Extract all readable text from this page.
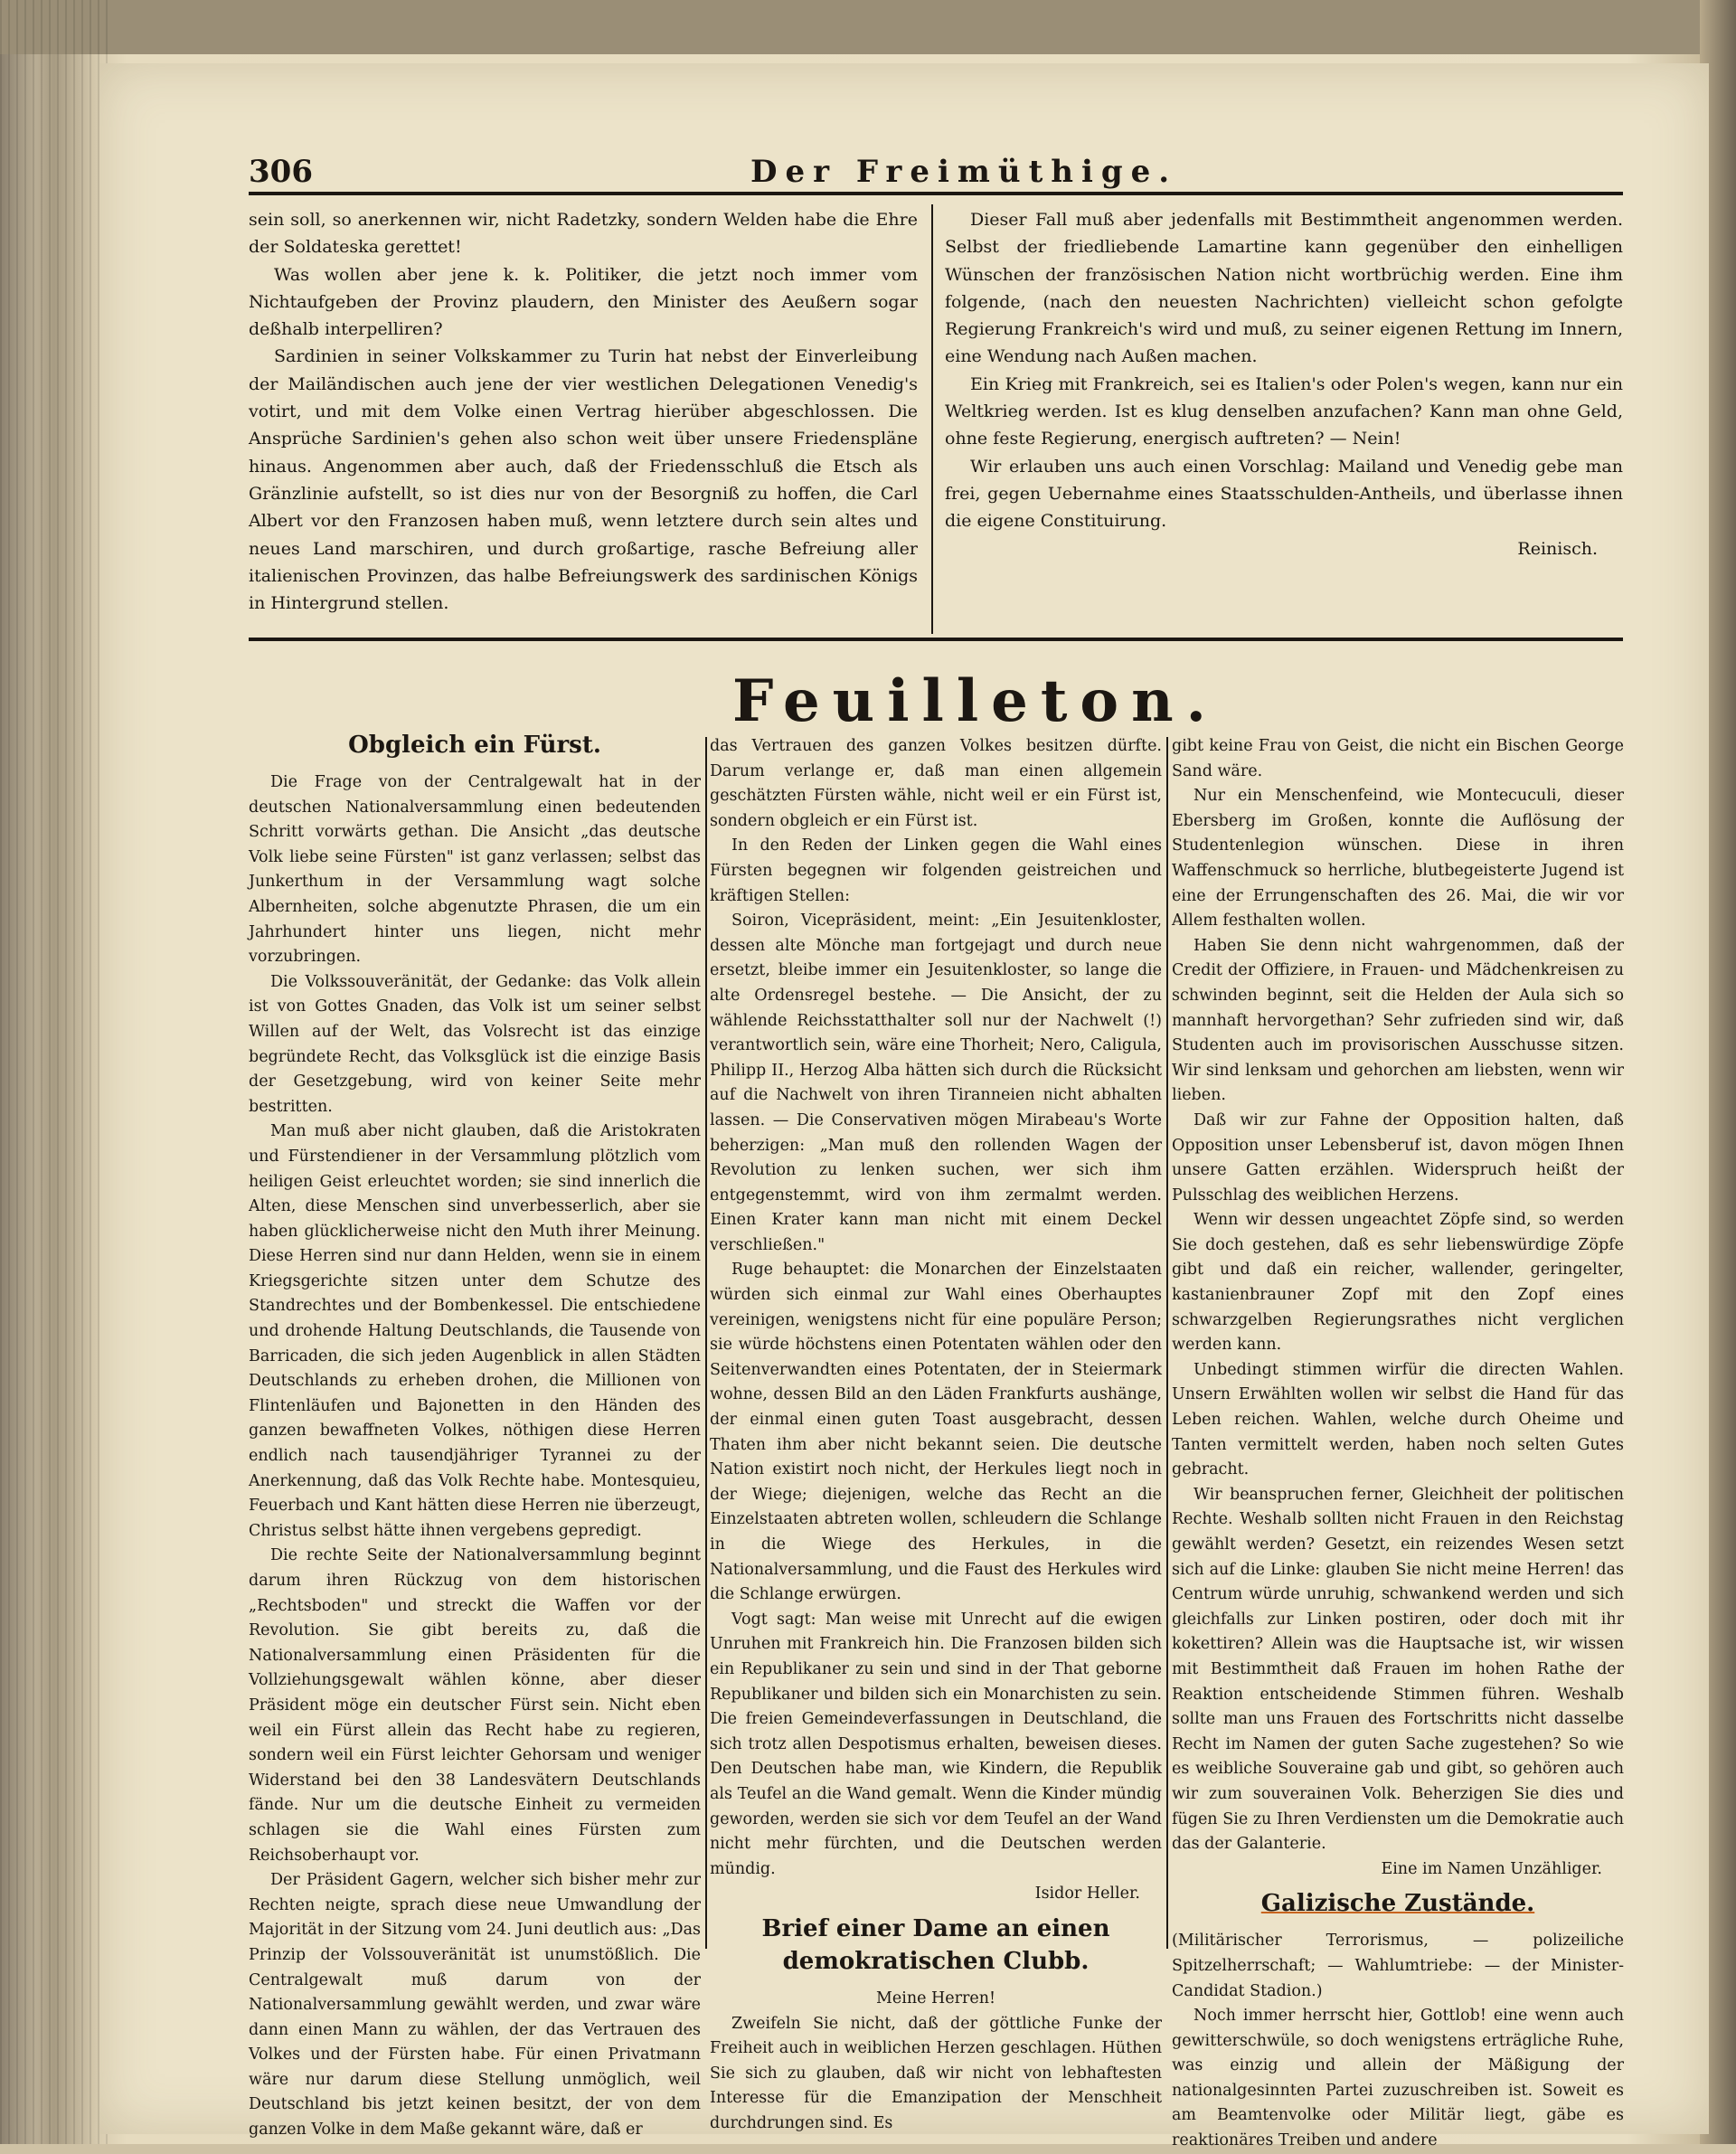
306	Der Freimüthige.

sein soll, so anerkennen wir, nicht Radetzky, sondern Welden habe die Ehre der Soldateska gerettet!

Was wollen aber jene k. k. Politiker, die jetzt noch immer vom Nichtaufgeben der Provinz plaudern, den Minister des Aeußern sogar deßhalb interpelliren?

Sardinien in seiner Volkskammer zu Turin hat nebst der Einverleibung der Mailändischen auch jene der vier westlichen Delegationen Venedig's votirt, und mit dem Volke einen Vertrag hierüber abgeschlossen. Die Ansprüche Sardinien's gehen also schon weit über unsere Friedenspläne hinaus. Angenommen aber auch, daß der Friedensschluß die Etsch als Gränzlinie aufstellt, so ist dies nur von der Besorgniß zu hoffen, die Carl Albert vor den Franzosen haben muß, wenn letztere durch sein altes und neues Land marschiren, und durch großartige, rasche Befreiung aller italienischen Provinzen, das halbe Befreiungswerk des sardinischen Königs in Hintergrund stellen.

Dieser Fall muß aber jedenfalls mit Bestimmtheit angenommen werden. Selbst der friedliebende Lamartine kann gegenüber den einhelligen Wünschen der französischen Nation nicht wortbrüchig werden. Eine ihm folgende, (nach den neuesten Nachrichten) vielleicht schon gefolgte Regierung Frankreich's wird und muß, zu seiner eigenen Rettung im Innern, eine Wendung nach Außen machen.

Ein Krieg mit Frankreich, sei es Italien's oder Polen's wegen, kann nur ein Weltkrieg werden. Ist es klug denselben anzufachen? Kann man ohne Geld, ohne feste Regierung, energisch auftreten? — Nein!

Wir erlauben uns auch einen Vorschlag: Mailand und Venedig gebe man frei, gegen Uebernahme eines Staatsschulden-Antheils, und überlasse ihnen die eigene Constituirung.

Reinisch.

Feuilleton.
Obgleich ein Fürst.

Die Frage von der Centralgewalt hat in der deutschen Nationalversammlung einen bedeutenden Schritt vorwärts gethan. Die Ansicht „das deutsche Volk liebe seine Fürsten" ist ganz verlassen; selbst das Junkerthum in der Versammlung wagt solche Albernheiten, solche abgenutzte Phrasen, die um ein Jahrhundert hinter uns liegen, nicht mehr vorzubringen.

Die Volkssouveränität, der Gedanke: das Volk allein ist von Gottes Gnaden, das Volk ist um seiner selbst Willen auf der Welt, das Volsrecht ist das einzige begründete Recht, das Volksglück ist die einzige Basis der Gesetzgebung, wird von keiner Seite mehr bestritten.

Man muß aber nicht glauben, daß die Aristokraten und Fürstendiener in der Versammlung plötzlich vom heiligen Geist erleuchtet worden; sie sind innerlich die Alten, diese Menschen sind unverbesserlich, aber sie haben glücklicherweise nicht den Muth ihrer Meinung. Diese Herren sind nur dann Helden, wenn sie in einem Kriegsgerichte sitzen unter dem Schutze des Standrechtes und der Bombenkessel. Die entschiedene und drohende Haltung Deutschlands, die Tausende von Barricaden, die sich jeden Augenblick in allen Städten Deutschlands zu erheben drohen, die Millionen von Flintenläufen und Bajonetten in den Händen des ganzen bewaffneten Volkes, nöthigen diese Herren endlich nach tausendjähriger Tyrannei zu der Anerkennung, daß das Volk Rechte habe. Montesquieu, Feuerbach und Kant hätten diese Herren nie überzeugt, Christus selbst hätte ihnen vergebens gepredigt.

Die rechte Seite der Nationalversammlung beginnt darum ihren Rückzug von dem historischen „Rechtsboden" und streckt die Waffen vor der Revolution. Sie gibt bereits zu, daß die Nationalversammlung einen Präsidenten für die Vollziehungsgewalt wählen könne, aber dieser Präsident möge ein deutscher Fürst sein. Nicht eben weil ein Fürst allein das Recht habe zu regieren, sondern weil ein Fürst leichter Gehorsam und weniger Widerstand bei den 38 Landesvätern Deutschlands fände. Nur um die deutsche Einheit zu vermeiden schlagen sie die Wahl eines Fürsten zum Reichsoberhaupt vor.

Der Präsident Gagern, welcher sich bisher mehr zur Rechten neigte, sprach diese neue Umwandlung der Majorität in der Sitzung vom 24. Juni deutlich aus: „Das Prinzip der Volssouveränität ist unumstößlich. Die Centralgewalt muß darum von der Nationalversammlung gewählt werden, und zwar wäre dann einen Mann zu wählen, der das Vertrauen des Volkes und der Fürsten habe. Für einen Privatmann wäre nur darum diese Stellung unmöglich, weil Deutschland bis jetzt keinen besitzt, der von dem ganzen Volke in dem Maße gekannt wäre, daß er

das Vertrauen des ganzen Volkes besitzen dürfte. Darum verlange er, daß man einen allgemein geschätzten Fürsten wähle, nicht weil er ein Fürst ist, sondern obgleich er ein Fürst ist.

In den Reden der Linken gegen die Wahl eines Fürsten begegnen wir folgenden geistreichen und kräftigen Stellen:

Soiron, Vicepräsident, meint: „Ein Jesuitenkloster, dessen alte Mönche man fortgejagt und durch neue ersetzt, bleibe immer ein Jesuitenkloster, so lange die alte Ordensregel bestehe. — Die Ansicht, der zu wählende Reichsstatthalter soll nur der Nachwelt (!) verantwortlich sein, wäre eine Thorheit; Nero, Caligula, Philipp II., Herzog Alba hätten sich durch die Rücksicht auf die Nachwelt von ihren Tiranneien nicht abhalten lassen. — Die Conservativen mögen Mirabeau's Worte beherzigen: „Man muß den rollenden Wagen der Revolution zu lenken suchen, wer sich ihm entgegenstemmt, wird von ihm zermalmt werden. Einen Krater kann man nicht mit einem Deckel verschließen."

Ruge behauptet: die Monarchen der Einzelstaaten würden sich einmal zur Wahl eines Oberhauptes vereinigen, wenigstens nicht für eine populäre Person; sie würde höchstens einen Potentaten wählen oder den Seitenverwandten eines Potentaten, der in Steiermark wohne, dessen Bild an den Läden Frankfurts aushänge, der einmal einen guten Toast ausgebracht, dessen Thaten ihm aber nicht bekannt seien. Die deutsche Nation existirt noch nicht, der Herkules liegt noch in der Wiege; diejenigen, welche das Recht an die Einzelstaaten abtreten wollen, schleudern die Schlange in die Wiege des Herkules, in die Nationalversammlung, und die Faust des Herkules wird die Schlange erwürgen.

Vogt sagt: Man weise mit Unrecht auf die ewigen Unruhen mit Frankreich hin. Die Franzosen bilden sich ein Republikaner zu sein und sind in der That geborne Republikaner und bilden sich ein Monarchisten zu sein. Die freien Gemeindeverfassungen in Deutschland, die sich trotz allen Despotismus erhalten, beweisen dieses. Den Deutschen habe man, wie Kindern, die Republik als Teufel an die Wand gemalt. Wenn die Kinder mündig geworden, werden sie sich vor dem Teufel an der Wand nicht mehr fürchten, und die Deutschen werden mündig.

Isidor Heller.

Brief einer Dame an einen demokratischen Clubb.

Meine Herren!

Zweifeln Sie nicht, daß der göttliche Funke der Freiheit auch in weiblichen Herzen geschlagen. Hüthen Sie sich zu glauben, daß wir nicht von lebhaftesten Interesse für die Emanzipation der Menschheit durchdrungen sind. Es

gibt keine Frau von Geist, die nicht ein Bischen George Sand wäre.

Nur ein Menschenfeind, wie Montecuculi, dieser Ebersberg im Großen, konnte die Auflösung der Studentenlegion wünschen. Diese in ihren Waffenschmuck so herrliche, blutbegeisterte Jugend ist eine der Errungenschaften des 26. Mai, die wir vor Allem festhalten wollen.

Haben Sie denn nicht wahrgenommen, daß der Credit der Offiziere, in Frauen- und Mädchenkreisen zu schwinden beginnt, seit die Helden der Aula sich so mannhaft hervorgethan? Sehr zufrieden sind wir, daß Studenten auch im provisorischen Ausschusse sitzen. Wir sind lenksam und gehorchen am liebsten, wenn wir lieben.

Daß wir zur Fahne der Opposition halten, daß Opposition unser Lebensberuf ist, davon mögen Ihnen unsere Gatten erzählen. Widerspruch heißt der Pulsschlag des weiblichen Herzens.

Wenn wir dessen ungeachtet Zöpfe sind, so werden Sie doch gestehen, daß es sehr liebenswürdige Zöpfe gibt und daß ein reicher, wallender, geringelter, kastanienbrauner Zopf mit den Zopf eines schwarzgelben Regierungsrathes nicht verglichen werden kann.

Unbedingt stimmen wirfür die directen Wahlen. Unsern Erwählten wollen wir selbst die Hand für das Leben reichen. Wahlen, welche durch Oheime und Tanten vermittelt werden, haben noch selten Gutes gebracht.

Wir beanspruchen ferner, Gleichheit der politischen Rechte. Weshalb sollten nicht Frauen in den Reichstag gewählt werden? Gesetzt, ein reizendes Wesen setzt sich auf die Linke: glauben Sie nicht meine Herren! das Centrum würde unruhig, schwankend werden und sich gleichfalls zur Linken postiren, oder doch mit ihr kokettiren? Allein was die Hauptsache ist, wir wissen mit Bestimmtheit daß Frauen im hohen Rathe der Reaktion entscheidende Stimmen führen. Weshalb sollte man uns Frauen des Fortschritts nicht dasselbe Recht im Namen der guten Sache zugestehen? So wie es weibliche Souveraine gab und gibt, so gehören auch wir zum souverainen Volk. Beherzigen Sie dies und fügen Sie zu Ihren Verdiensten um die Demokratie auch das der Galanterie.

Eine im Namen Unzähliger.

Galizische Zustände.

(Militärischer Terrorismus, — polizeiliche Spitzelherrschaft; — Wahlumtriebe: — der Minister-Candidat Stadion.)

Noch immer herrscht hier, Gottlob! eine wenn auch gewitterschwüle, so doch wenigstens erträgliche Ruhe, was einzig und allein der Mäßigung der nationalgesinnten Partei zuzuschreiben ist. Soweit es am Beamtenvolke oder Militär liegt, gäbe es reaktionäres Treiben und andere
